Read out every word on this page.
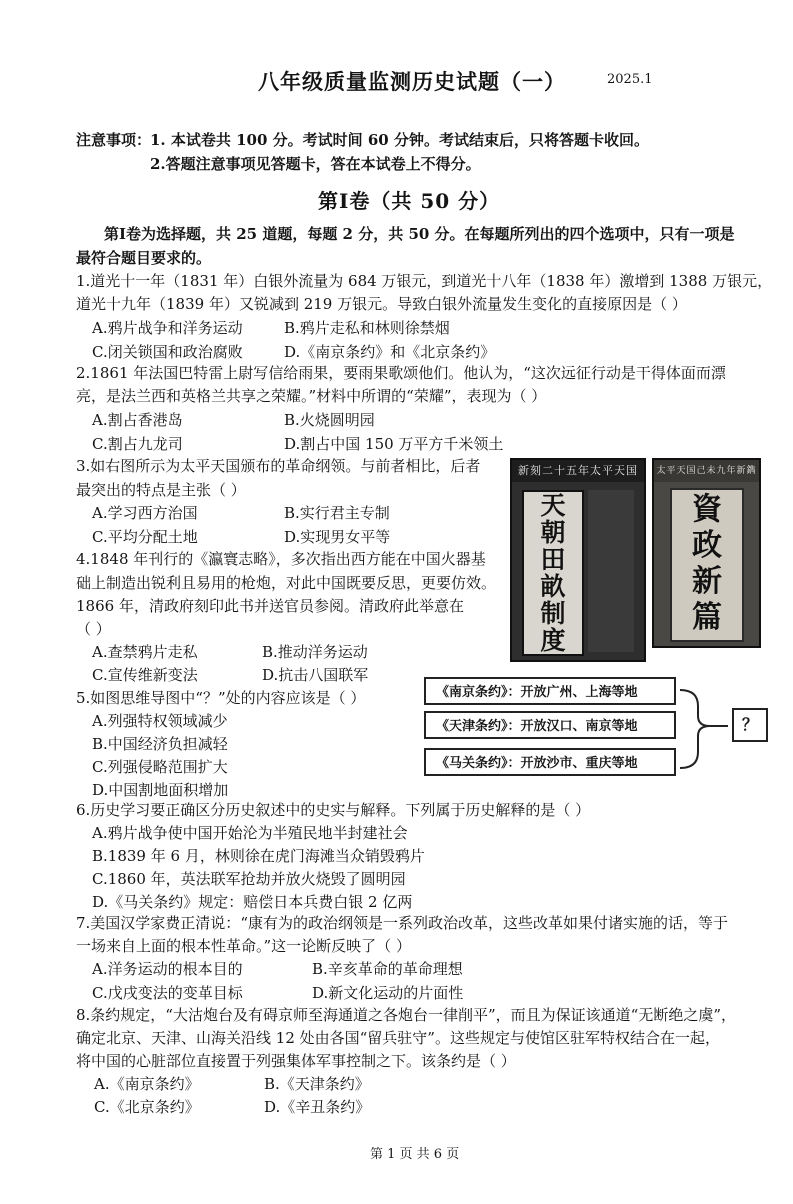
八年级质量监测历史试题（一）	2025.1
注意事项：
1. 本试卷共 100 分。考试时间 60 分钟。考试结束后，只将答题卡收回。
2.答题注意事项见答题卡，答在本试卷上不得分。
第Ⅰ卷（共 50 分）
第Ⅰ卷为选择题，共 25 道题，每题 2 分，共 50 分。在每题所列出的四个选项中，只有一项是
最符合题目要求的。
1.道光十一年（1831 年）白银外流量为 684 万银元，到道光十八年（1838 年）激增到 1388 万银元，
道光十九年（1839 年）又锐减到 219 万银元。导致白银外流量发生变化的直接原因是（ ）
A.鸦片战争和洋务运动	B.鸦片走私和林则徐禁烟
C.闭关锁国和政治腐败	D.《南京条约》和《北京条约》
2.1861 年法国巴特雷上尉写信给雨果，要雨果歌颂他们。他认为，“这次远征行动是干得体面而漂
亮，是法兰西和英格兰共享之荣耀。”材料中所谓的“荣耀”，表现为（ ）
A.割占香港岛	B.火烧圆明园
C.割占九龙司	D.割占中国 150 万平方千米领土
3.如右图所示为太平天国颁布的革命纲领。与前者相比，后者
最突出的特点是主张（ ）
A.学习西方治国	B.实行君主专制
C.平均分配土地	D.实现男女平等
新刻二十五年太平天国
天
朝
田
畝
制
度
太平天国己未九年新鐫
資
政
新
篇
4.1848 年刊行的《瀛寰志略》，多次指出西方能在中国火器基
础上制造出锐利且易用的枪炮，对此中国既要反思，更要仿效。
1866 年，清政府刻印此书并送官员参阅。清政府此举意在
（ ）
A.查禁鸦片走私	B.推动洋务运动
C.宣传维新变法	D.抗击八国联军
5.如图思维导图中“？”处的内容应该是（ ）
A.列强特权领域减少
B.中国经济负担减轻
C.列强侵略范围扩大
D.中国割地面积增加
《南京条约》：开放广州、上海等地
《天津条约》：开放汉口、南京等地
《马关条约》：开放沙市、重庆等地
？
6.历史学习要正确区分历史叙述中的史实与解释。下列属于历史解释的是（ ）
A.鸦片战争使中国开始沦为半殖民地半封建社会
B.1839 年 6 月，林则徐在虎门海滩当众销毁鸦片
C.1860 年，英法联军抢劫并放火烧毁了圆明园
D.《马关条约》规定：赔偿日本兵费白银 2 亿两
7.美国汉学家费正清说：“康有为的政治纲领是一系列政治改革，这些改革如果付诸实施的话，等于
一场来自上面的根本性革命。”这一论断反映了（ ）
A.洋务运动的根本目的	B.辛亥革命的革命理想
C.戊戌变法的变革目标	D.新文化运动的片面性
8.条约规定，“大沽炮台及有碍京师至海通道之各炮台一律削平”，而且为保证该通道“无断绝之虞”，
确定北京、天津、山海关沿线 12 处由各国“留兵驻守”。这些规定与使馆区驻军特权结合在一起，
将中国的心脏部位直接置于列强集体军事控制之下。该条约是（ ）
A.《南京条约》	B.《天津条约》
C.《北京条约》	D.《辛丑条约》
第 1 页 共 6 页
